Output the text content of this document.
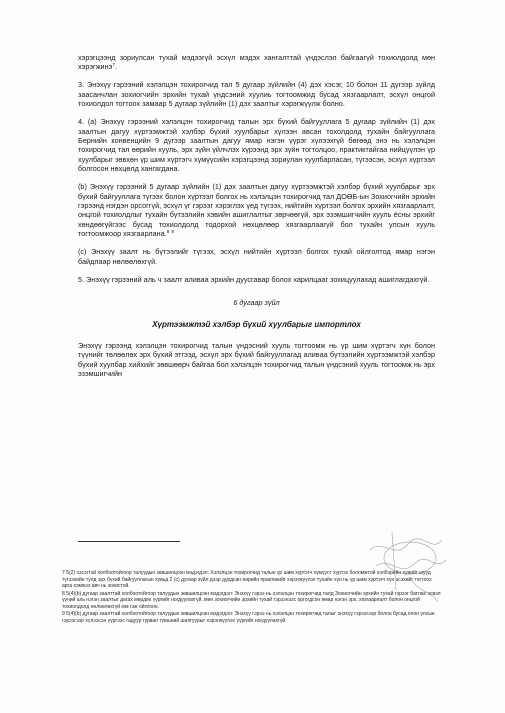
хэрэгцээнд зориулсан тухай мэдээгүй эсхүл мэдэх хангалттай үндэслэл байгаагүй тохиолдолд мөн хэрэгжинэ$^7$.

3. Энэхүү гэрээний хэлэлцэн тохирогчид тал 5 дугаар зүйлийн (4) дэх хэсэг, 10 болон 11 дүгээр зүйлд заасанчлан зохиогчийн эрхийн тухай үндсэний хуулиь тогтоомжид бусад хязгаарлалт, эсхүл онцгой тохиолдол тогтоох замаар 5 дугаар зүйлийн (1) дэх заалтыг хэрэгжүүлж болно.

4. (a) Энэхүү гэрээний хэлэлцэн тохирогчид талын эрх бүхий байгууллага 5 дугаар зүйлийн (1) дэх заалтын дагуу хүртээмжтэй хэлбэр бүхий хуулбарыг хүлээн авсан тохолдолд тухайн байгууллага Бернийн конвенцийн 9 дүгээр заалтын дагуу ямар нэгэн үүрэг хүлээхгүй бөгөөд энэ нь хэлэлцэн тохирогчид тал өөрийн хууль, эрх зүйн үйлчлэх хүрээнд эрх зүйн тогтолцоо, практиктайгаа нийцүүлэн үр хуулбарыг зөвхөн үр шим хүртэгч хүмүүсийн хэрэгцээнд зориулан хуулбарласан, түгээсэн, эсхүл хүртээл болгосон нөхцөлд хангагдана.

(b) Энэхүү гэрээний 5 дугаар зүйлийн (1) дэх заалтын дагуу хүртээмжтэй хэлбэр бүхий хуулбарыг эрх бүхий байгууллага түгээх болон хүртээл болгох нь хэлэлцэн тохирогчид тал ДОӨБ-ын Зохиогчийн эрхийн гэрээнд нэгдэн орсоггүй, эсхүл үг гэрээг хэрэглэх үед түгээх, нийтийн хүртээл болгох эрхийн хязгаарлалт, онцгой тохиолдлыг тухайн бүтээлийн хэвийн ашиглалтыг зөрчөөгүй, эрх эзэмшигчийн хууль ёсны эрхийг хөндөөгүйгээс бусад тохиолдолд тодорхой нөхцөлөөр хязгаарлаагүй бол тухайн улсын хууль тогтоомжоор хязгаарлана.$^8$ $^9$

(c) Энэхүү заалт нь бүтээлийг түгээх, эсхүл нийтийн хүртээл болгох тухай ойлголтод ямар нэгэн байдлаар нөлөөлөхгүй.

5. Энэхүү гэрээний аль ч заалт аливаа эрхийн дуусгавар болох харилцааг зохицуулахад ашиглагдахгүй.

6 дугаар зүйл
Хүртээмжтэй хэлбэр бүхий хуулбарыг импортлох

Энэхүү гэрээнд хэлэлцэн тохирогчид талын үндэсний хууль тогтоомж нь үр шим хүртэгч хүн болон түүнийг төлөөлөх эрх бүхий этгээд, эсхүл эрх бүхий байгууллагад аливаа бүтээлийн хүртээмжтэй хэлбэр бүхий хуулбар хийхийг зөвшөөрч байгаа бол хэлэлцэн тохирогчид талын үндсэний хууль тогтоомж нь эрх эзэмшигчийн

7 5(2) хэсэгтэй холбоотойгоор талуудын зөвшилцсөн мэдэгдэл: Хэлэлцэн тохирогчид талын үр шим хүртэгч хүмүүст хүртэх боломжтой хэлбэрийн хувийг шууд түгээхийн тулд эрх бүхий байгууллагын хувьд 2 (c) дугаар зүйл дээр дурдсан өөрийн практикийг хэрэгжүүлэх тухайн хүн нь үр шим хүртэгч хүн эсэхийг тогтоох арга хэмжээ авч нь зохистой.

8 5(4)(b) дугаар заалттай холбоотойгоор талуудын зөвшилцсөн мэдэгдэл: Энэхүү гэрээ нь хэлэлцэн тохирогчид талд Зохиогчийн эрхийн тухай гэрээг батлах эсвэл үүний аль нэгэн заалтыг дагах мөрдөх үүргийг ногдуулахгүй, мөн зохиогчийн эрхийн тухай гэрээнээс оргогдсон ямар нэгэн эрх, хязгаарлалт болон онцгой тохиолдолд нөлөөлөхгүй юм гэж ойлгоно.

9 5(4)(b) дугаар заалттай холбоотойгоор талуудын зөвшилцсөн мэдэгдэл: Энэхүү гэрээ нь хэлэлцэн тохирогчид талыг энэхүү гэрээгээр болон бусад олон улсын гэрээгээр хүлээсэн үүргээс гадуур гурван түвшний шалгуурыг хэрэгжүүлэх үүргийг ногдуулахгүй.
